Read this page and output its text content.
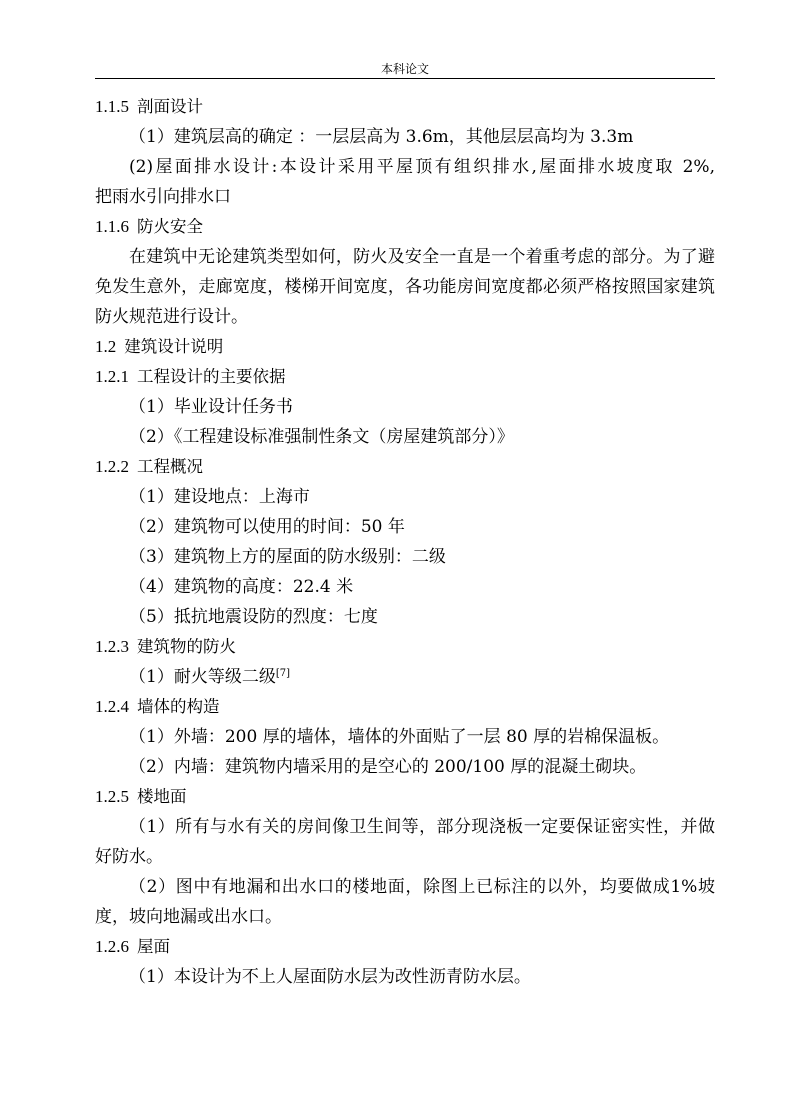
本科论文
1.1.5 剖面设计
（1）建筑层高的确定 ：一层层高为 3.6m，其他层层高均为 3.3m
(2)屋面排水设计:本设计采用平屋顶有组织排水,屋面排水坡度取 2%,
把雨水引向排水口
1.1.6 防火安全
在建筑中无论建筑类型如何，防火及安全一直是一个着重考虑的部分。为了避免发生意外，走廊宽度，楼梯开间宽度，各功能房间宽度都必须严格按照国家建筑防火规范进行设计。
1.2 建筑设计说明
1.2.1 工程设计的主要依据
（1）毕业设计任务书
（2）《工程建设标准强制性条文（房屋建筑部分）》
1.2.2 工程概况
（1）建设地点：上海市
（2）建筑物可以使用的时间：50 年
（3）建筑物上方的屋面的防水级别：二级
（4）建筑物的高度：22.4 米
（5）抵抗地震设防的烈度：七度
1.2.3 建筑物的防火
（1）耐火等级二级[7]
1.2.4 墙体的构造
（1）外墙：200 厚的墙体，墙体的外面贴了一层 80 厚的岩棉保温板。
（2）内墙：建筑物内墙采用的是空心的 200/100 厚的混凝土砌块。
1.2.5 楼地面
（1）所有与水有关的房间像卫生间等，部分现浇板一定要保证密实性，并做好防水。
（2）图中有地漏和出水口的楼地面，除图上已标注的以外，均要做成1%坡度，坡向地漏或出水口。
1.2.6 屋面
（1）本设计为不上人屋面防水层为改性沥青防水层。
